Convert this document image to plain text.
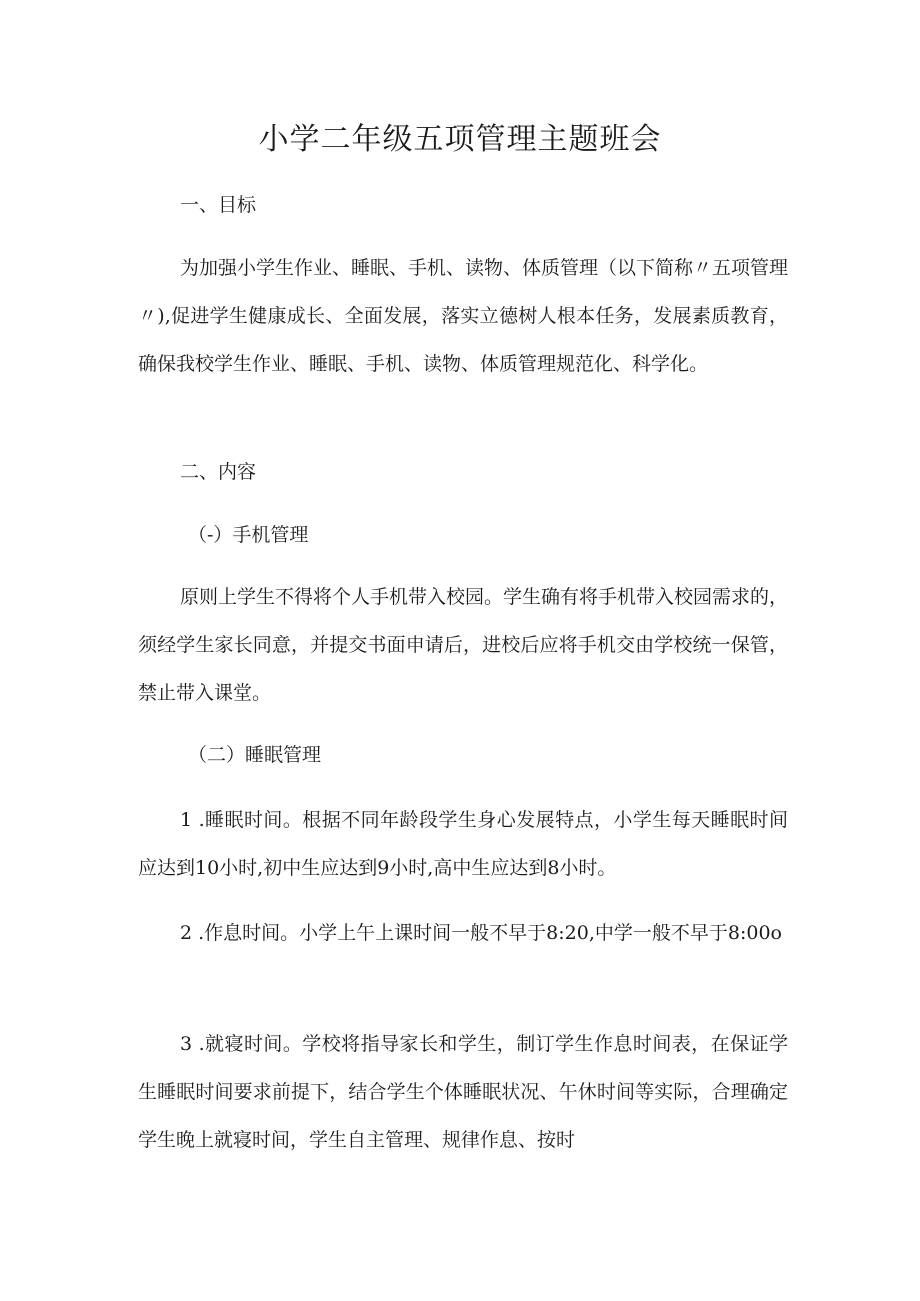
小学二年级五项管理主题班会

一、目标

为加强小学生作业、睡眠、手机、读物、体质管理（以下简称〃五项管理〃),促进学生健康成长、全面发展，落实立德树人根本任务，发展素质教育，确保我校学生作业、睡眠、手机、读物、体质管理规范化、科学化。

二、内容

（-）手机管理

原则上学生不得将个人手机带入校园。学生确有将手机带入校园需求的，须经学生家长同意，并提交书面申请后，进校后应将手机交由学校统一保管，禁止带入课堂。

（二）睡眠管理

1 .睡眠时间。根据不同年龄段学生身心发展特点，小学生每天睡眠时间应达到10小时,初中生应达到9小时,高中生应达到8小时。

2 .作息时间。小学上午上课时间一般不早于8:20,中学一般不早于8:00o

3 .就寝时间。学校将指导家长和学生，制订学生作息时间表，在保证学生睡眠时间要求前提下，结合学生个体睡眠状况、午休时间等实际，合理确定学生晚上就寝时间，学生自主管理、规律作息、按时
